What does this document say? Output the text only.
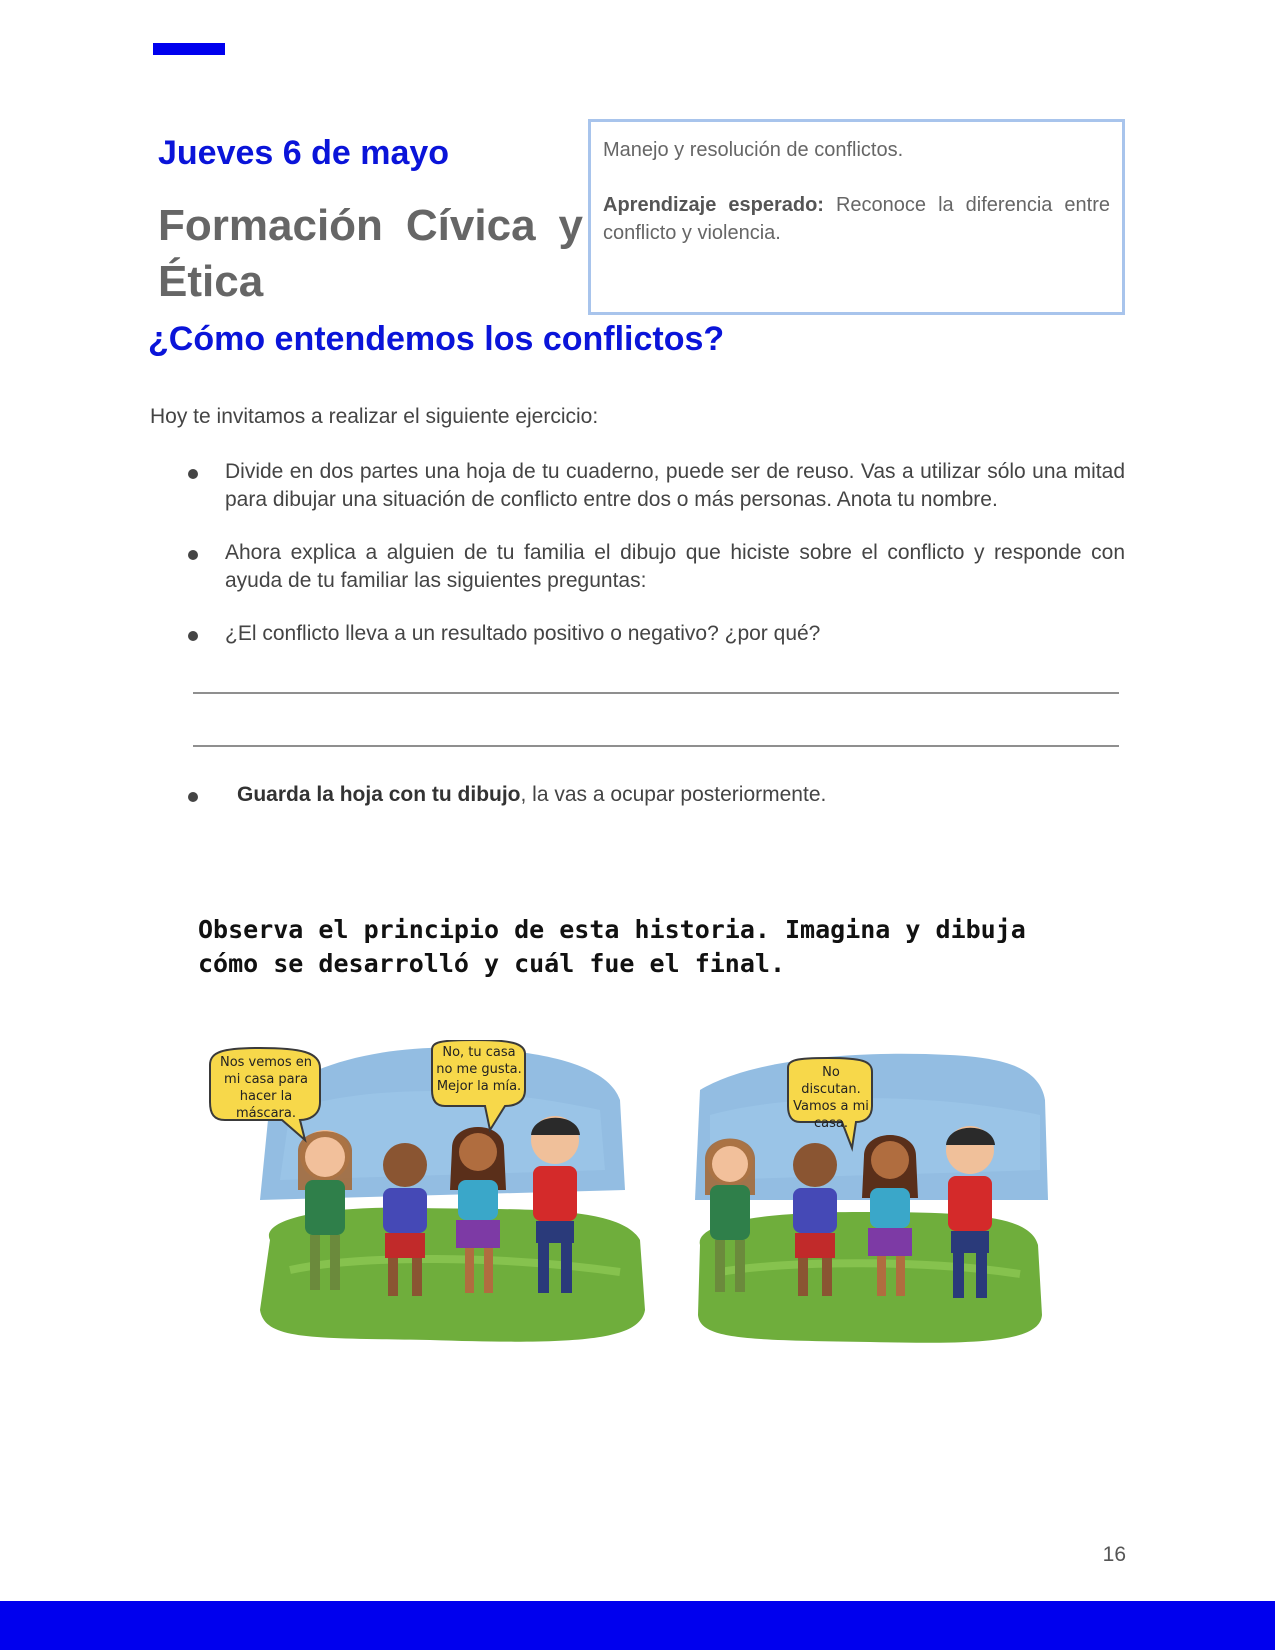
Jueves 6 de mayo
Formación Cívica y
Ética

Manejo y resolución de conflictos.

Aprendizaje esperado: Reconoce la diferencia entre conflicto y violencia.

¿Cómo entendemos los conflictos?
Hoy te invitamos a realizar el siguiente ejercicio:
Divide en dos partes una hoja de tu cuaderno, puede ser de reuso. Vas a utilizar sólo una mitad para dibujar una situación de conflicto entre dos o más personas. Anota tu nombre.
Ahora explica a alguien de tu familia el dibujo que hiciste sobre el conflicto y responde con ayuda de tu familiar las siguientes preguntas:
¿El conflicto lleva a un resultado positivo o negativo? ¿por qué?
Guarda la hoja con tu dibujo, la vas a ocupar posteriormente.
Observa el principio de esta historia. Imagina y dibuja cómo se desarrolló y cuál fue el final.
Nos vemos en mi casa para hacer la máscara.
No, tu casa no me gusta. Mejor la mía.
No discutan. Vamos a mi casa.
16
